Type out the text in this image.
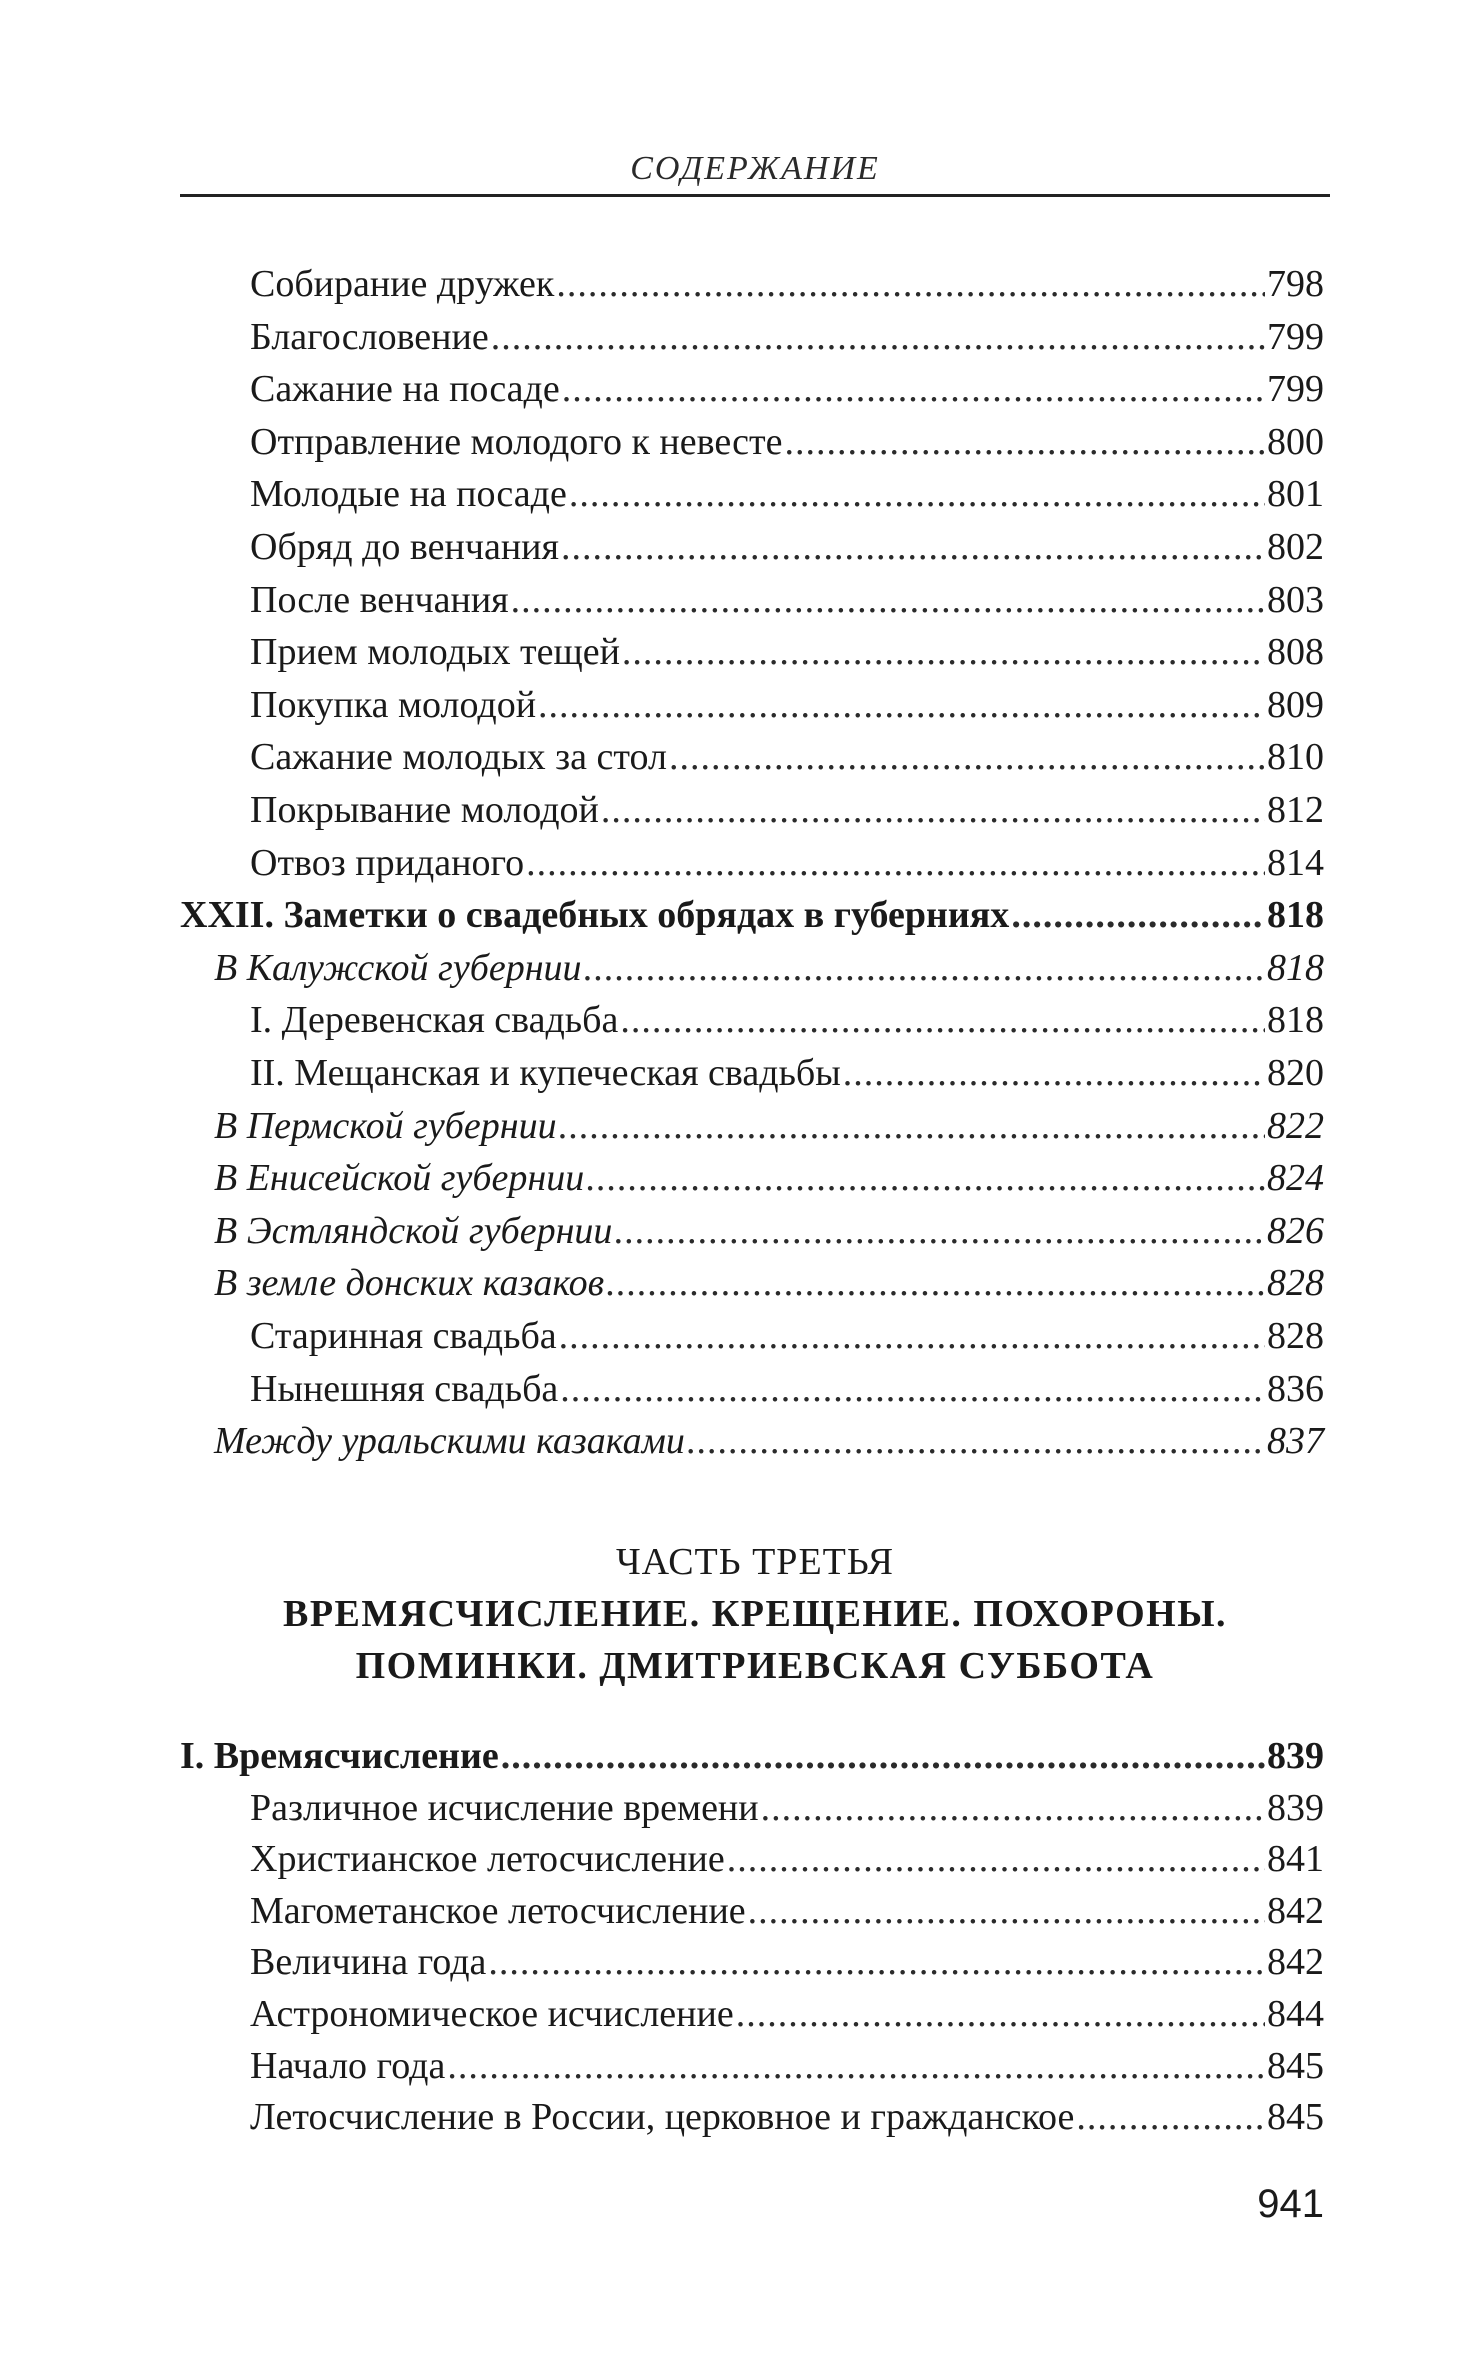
СОДЕРЖАНИЕ
Собирание дружек .....	798
Благословение .....	799
Сажание на посаде .....	799
Отправление молодого к невесте .....	800
Молодые на посаде .....	801
Обряд до венчания .....	802
После венчания .....	803
Прием молодых тещей .....	808
Покупка молодой .....	809
Сажание молодых за стол .....	810
Покрывание молодой .....	812
Отвоз приданого .....	814
XXII. Заметки о свадебных обрядах в губерниях .....	818
В Калужской губернии .....	818
I. Деревенская свадьба .....	818
II. Мещанская и купеческая свадьбы .....	820
В Пермской губернии .....	822
В Енисейской губернии .....	824
В Эстляндской губернии .....	826
В земле донских казаков .....	828
Старинная свадьба .....	828
Нынешняя свадьба .....	836
Между уральскими казаками .....	837
ЧАСТЬ ТРЕТЬЯ
ВРЕМЯСЧИСЛЕНИЕ. КРЕЩЕНИЕ. ПОХОРОНЫ.
ПОМИНКИ. ДМИТРИЕВСКАЯ СУББОТА
I. Времясчисление .....	839
Различное исчисление времени .....	839
Христианское летосчисление .....	841
Магометанское летосчисление .....	842
Величина года .....	842
Астрономическое исчисление .....	844
Начало года .....	845
Летосчисление в России, церковное и гражданское .....	845
941
